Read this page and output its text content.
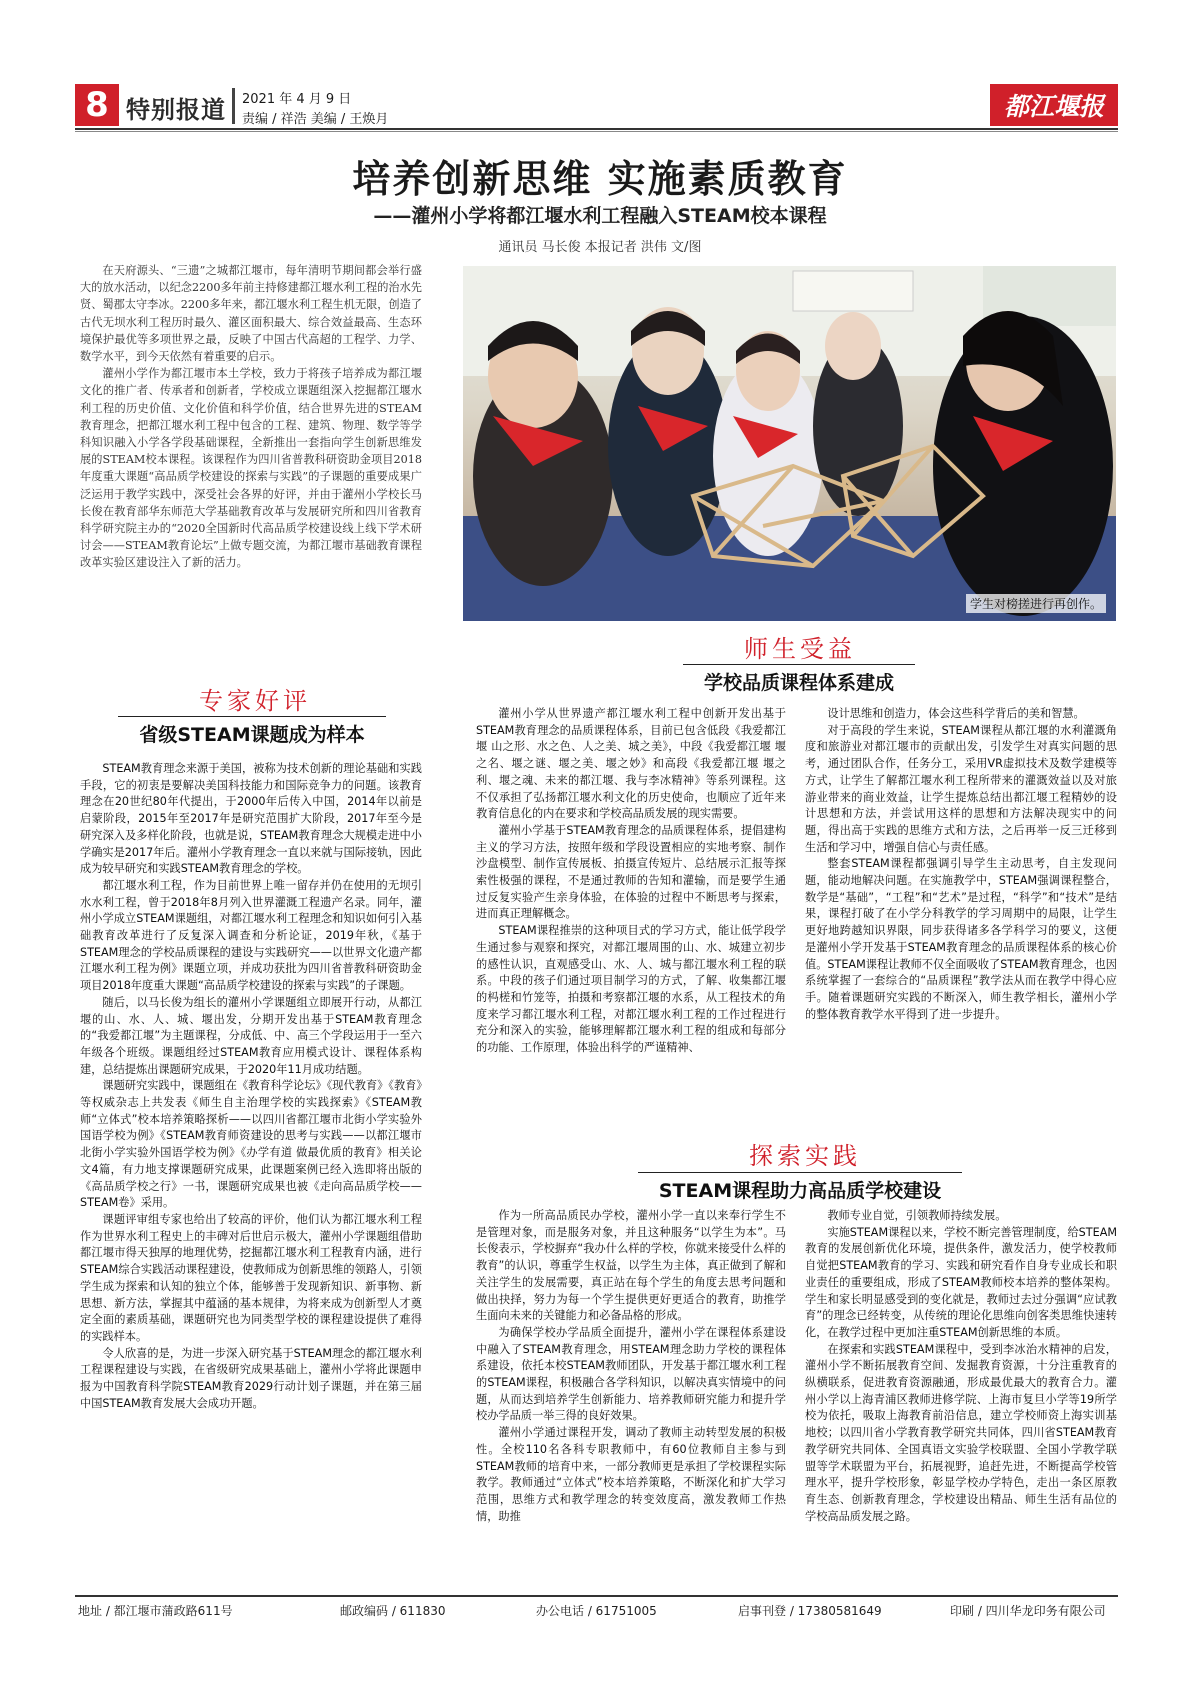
8 特别报道 2021 年 4 月 9 日
责编 / 祥浩 美编 / 王焕月	都江堰报
培养创新思维 实施素质教育
——灌州小学将都江堰水利工程融入STEAM校本课程
通讯员 马长俊 本报记者 洪伟 文/图

在天府源头、“三遗”之城都江堰市，每年清明节期间都会举行盛大的放水活动，以纪念2200多年前主持修建都江堰水利工程的治水先贤、蜀郡太守李冰。2200多年来，都江堰水利工程生机无限，创造了古代无坝水利工程历时最久、灌区面积最大、综合效益最高、生态环境保护最优等多项世界之最，反映了中国古代高超的工程学、力学、数学水平，到今天依然有着重要的启示。

灌州小学作为都江堰市本土学校，致力于将孩子培养成为都江堰文化的推广者、传承者和创新者，学校成立课题组深入挖掘都江堰水利工程的历史价值、文化价值和科学价值，结合世界先进的STEAM教育理念，把都江堰水利工程中包含的工程、建筑、物理、数学等学科知识融入小学各学段基础课程，全新推出一套指向学生创新思维发展的STEAM校本课程。该课程作为四川省普教科研资助金项目2018年度重大课题“高品质学校建设的探索与实践”的子课题的重要成果广泛运用于教学实践中，深受社会各界的好评，并由于灌州小学校长马长俊在教育部华东师范大学基础教育改革与发展研究所和四川省教育科学研究院主办的“2020全国新时代高品质学校建设线上线下学术研讨会——STEAM教育论坛”上做专题交流，为都江堰市基础教育课程改革实验区建设注入了新的活力。

学生对榜搓进行再创作。
专家好评
省级STEAM课题成为样本

STEAM教育理念来源于美国，被称为技术创新的理论基础和实践手段，它的初衷是要解决美国科技能力和国际竞争力的问题。该教育理念在20世纪80年代提出，于2000年后传入中国，2014年以前是启蒙阶段，2015年至2017年是研究范围扩大阶段，2017年至今是研究深入及多样化阶段，也就是说，STEAM教育理念大规模走进中小学确实是2017年后。灌州小学教育理念一直以来就与国际接轨，因此成为较早研究和实践STEAM教育理念的学校。

都江堰水利工程，作为目前世界上唯一留存并仍在使用的无坝引水水利工程，曾于2018年8月列入世界灌溉工程遗产名录。同年，灌州小学成立STEAM课题组，对都江堰水利工程理念和知识如何引入基础教育改革进行了反复深入调查和分析论证，2019年秋，《基于STEAM理念的学校品质课程的建设与实践研究——以世界文化遗产都江堰水利工程为例》课题立项，并成功获批为四川省普教科研资助金项目2018年度重大课题“高品质学校建设的探索与实践”的子课题。

随后，以马长俊为组长的灌州小学课题组立即展开行动，从都江堰的山、水、人、城、堰出发，分期开发出基于STEAM教育理念的“我爱都江堰”为主题课程，分成低、中、高三个学段运用于一至六年级各个班级。课题组经过STEAM教育应用模式设计、课程体系构建，总结提炼出课题研究成果，于2020年11月成功结题。

课题研究实践中，课题组在《教育科学论坛》《现代教育》《教育》等权威杂志上共发表《师生自主治理学校的实践探索》《STEAM教师“立体式”校本培养策略探析——以四川省都江堰市北街小学实验外国语学校为例》《STEAM教育师资建设的思考与实践——以都江堰市北街小学实验外国语学校为例》《办学有道 做最优质的教育》相关论文4篇，有力地支撑课题研究成果，此课题案例已经入选即将出版的《高品质学校之行》一书，课题研究成果也被《走向高品质学校——STEAM卷》采用。

课题评审组专家也给出了较高的评价，他们认为都江堰水利工程作为世界水利工程史上的丰碑对后世启示极大，灌州小学课题组借助都江堰市得天独厚的地理优势，挖掘都江堰水利工程教育内涵，进行STEAM综合实践活动课程建设，使教师成为创新思维的领路人，引领学生成为探索和认知的独立个体，能够善于发现新知识、新事物、新思想、新方法，掌握其中蕴涵的基本规律，为将来成为创新型人才奠定全面的素质基础，课题研究也为同类型学校的课程建设提供了难得的实践样本。

令人欣喜的是，为进一步深入研究基于STEAM理念的都江堰水利工程课程建设与实践，在省级研究成果基础上，灌州小学将此课题申报为中国教育科学院STEAM教育2029行动计划子课题，并在第三届中国STEAM教育发展大会成功开题。

师生受益
学校品质课程体系建成

灌州小学从世界遗产都江堰水利工程中创新开发出基于STEAM教育理念的品质课程体系，目前已包含低段《我爱都江堰 山之形、水之色、人之美、城之美》，中段《我爱都江堰 堰之名、堰之谜、堰之美、堰之妙》和高段《我爱都江堰 堰之利、堰之魂、未来的都江堰、我与李冰精神》等系列课程。这不仅承担了弘扬都江堰水利文化的历史使命，也顺应了近年来教育信息化的内在要求和学校高品质发展的现实需要。

灌州小学基于STEAM教育理念的品质课程体系，提倡建构主义的学习方法，按照年级和学段设置相应的实地考察、制作沙盘模型、制作宣传展板、拍摄宣传短片、总结展示汇报等探索性极强的课程，不是通过教师的告知和灌输，而是要学生通过反复实验产生亲身体验，在体验的过程中不断思考与探索，进而真正理解概念。

STEAM课程推崇的这种项目式的学习方式，能让低学段学生通过参与观察和探究，对都江堰周围的山、水、城建立初步的感性认识，直观感受山、水、人、城与都江堰水利工程的联系。中段的孩子们通过项目制学习的方式，了解、收集都江堰的杩槎和竹笼等，拍摄和考察都江堰的水系，从工程技术的角度来学习都江堰水利工程，对都江堰水利工程的工作过程进行充分和深入的实验，能够理解都江堰水利工程的组成和每部分的功能、工作原理，体验出科学的严谨精神、

设计思维和创造力，体会这些科学背后的美和智慧。

对于高段的学生来说，STEAM课程从都江堰的水利灌溉角度和旅游业对都江堰市的贡献出发，引发学生对真实问题的思考，通过团队合作，任务分工，采用VR虚拟技术及数学建模等方式，让学生了解都江堰水利工程所带来的灌溉效益以及对旅游业带来的商业效益，让学生提炼总结出都江堰工程精妙的设计思想和方法，并尝试用这样的思想和方法解决现实中的问题，得出高于实践的思维方式和方法，之后再举一反三迁移到生活和学习中，增强自信心与责任感。

整套STEAM课程都强调引导学生主动思考，自主发现问题，能动地解决问题。在实施教学中，STEAM强调课程整合，数学是“基础”，“工程”和“艺术”是过程，“科学”和“技术”是结果，课程打破了在小学分科教学的学习周期中的局限，让学生更好地跨越知识界限，同步获得诸多各学科学习的要义，这便是灌州小学开发基于STEAM教育理念的品质课程体系的核心价值。STEAM课程让教师不仅全面吸收了STEAM教育理念，也因系统掌握了一套综合的“品质课程”教学法从而在教学中得心应手。随着课题研究实践的不断深入，师生教学相长，灌州小学的整体教育教学水平得到了进一步提升。

探索实践
STEAM课程助力高品质学校建设

作为一所高品质民办学校，灌州小学一直以来奉行学生不是管理对象，而是服务对象，并且这种服务“以学生为本”。马长俊表示，学校摒弃“我办什么样的学校，你就来接受什么样的教育”的认识，尊重学生权益，以学生为主体，真正做到了解和关注学生的发展需要，真正站在每个学生的角度去思考问题和做出抉择，努力为每一个学生提供更好更适合的教育，助推学生面向未来的关键能力和必备品格的形成。

为确保学校办学品质全面提升，灌州小学在课程体系建设中融入了STEAM教育理念，用STEAM理念助力学校的课程体系建设，依托本校STEAM教师团队，开发基于都江堰水利工程的STEAM课程，积极融合各学科知识，以解决真实情境中的问题，从而达到培养学生创新能力、培养教师研究能力和提升学校办学品质一举三得的良好效果。

灌州小学通过课程开发，调动了教师主动转型发展的积极性。全校110名各科专职教师中，有60位教师自主参与到STEAM教师的培育中来，一部分教师更是承担了学校课程实际教学。教师通过“立体式”校本培养策略，不断深化和扩大学习范围，思维方式和教学理念的转变效度高，激发教师工作热情，助推

教师专业自觉，引领教师持续发展。

实施STEAM课程以来，学校不断完善管理制度，给STEAM教育的发展创新优化环境，提供条件，激发活力，使学校教师自觉把STEAM教育的学习、实践和研究看作自身专业成长和职业责任的重要组成，形成了STEAM教师校本培养的整体架构。学生和家长明显感受到的变化就是，教师过去过分强调“应试教育”的理念已经转变，从传统的理论化思维向创客类思维快速转化，在教学过程中更加注重STEAM创新思维的本质。

在探索和实践STEAM课程中，受到李冰治水精神的启发，灌州小学不断拓展教育空间、发掘教育资源，十分注重教育的纵横联系，促进教育资源融通，形成最优最大的教育合力。灌州小学以上海青浦区教师进修学院、上海市复旦小学等19所学校为依托，吸取上海教育前沿信息，建立学校师资上海实训基地校；以四川省小学教育教学研究共同体，四川省STEAM教育教学研究共同体、全国真语文实验学校联盟、全国小学教学联盟等学术联盟为平台，拓展视野，追赶先进，不断提高学校管理水平，提升学校形象，彰显学校办学特色，走出一条区原教育生态、创新教育理念，学校建设出精品、师生生活有品位的学校高品质发展之路。

地址 / 都江堰市蒲政路611号	邮政编码 / 611830	办公电话 / 61751005	启事刊登 / 17380581649	印刷 / 四川华龙印务有限公司
